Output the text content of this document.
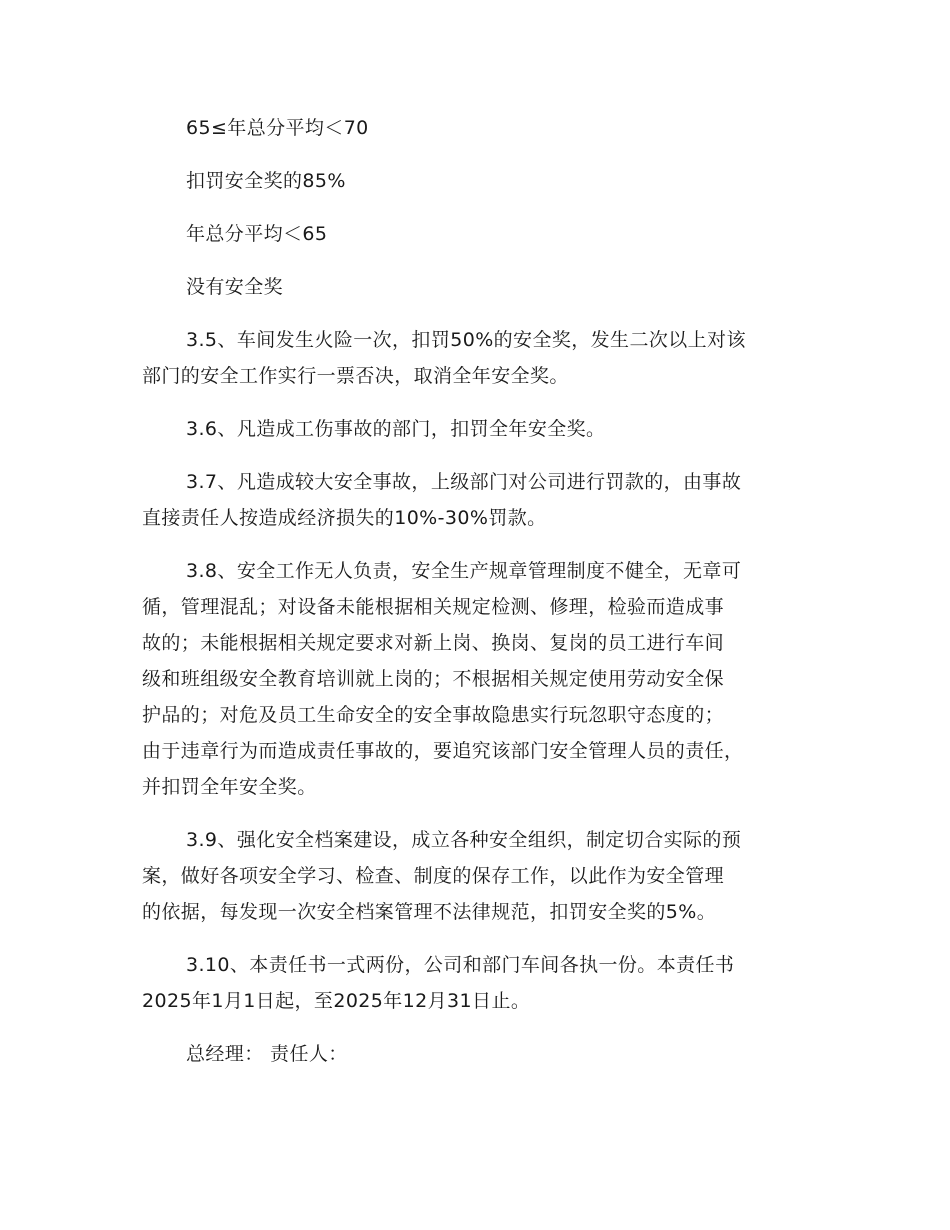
65≤年总分平均＜70
扣罚安全奖的85%
年总分平均＜65
没有安全奖
3.5、车间发生火险一次，扣罚50%的安全奖，发生二次以上对该
部门的安全工作实行一票否决，取消全年安全奖。
3.6、凡造成工伤事故的部门，扣罚全年安全奖。
3.7、凡造成较大安全事故，上级部门对公司进行罚款的，由事故
直接责任人按造成经济损失的10%-30%罚款。
3.8、安全工作无人负责，安全生产规章管理制度不健全，无章可
循，管理混乱；对设备未能根据相关规定检测、修理，检验而造成事
故的；未能根据相关规定要求对新上岗、换岗、复岗的员工进行车间
级和班组级安全教育培训就上岗的；不根据相关规定使用劳动安全保
护品的；对危及员工生命安全的安全事故隐患实行玩忽职守态度的；
由于违章行为而造成责任事故的，要追究该部门安全管理人员的责任，
并扣罚全年安全奖。
3.9、强化安全档案建设，成立各种安全组织，制定切合实际的预
案，做好各项安全学习、检查、制度的保存工作，以此作为安全管理
的依据，每发现一次安全档案管理不法律规范，扣罚安全奖的5%。
3.10、本责任书一式两份，公司和部门车间各执一份。本责任书
2025年1月1日起，至2025年12月31日止。
总经理： 责任人：
